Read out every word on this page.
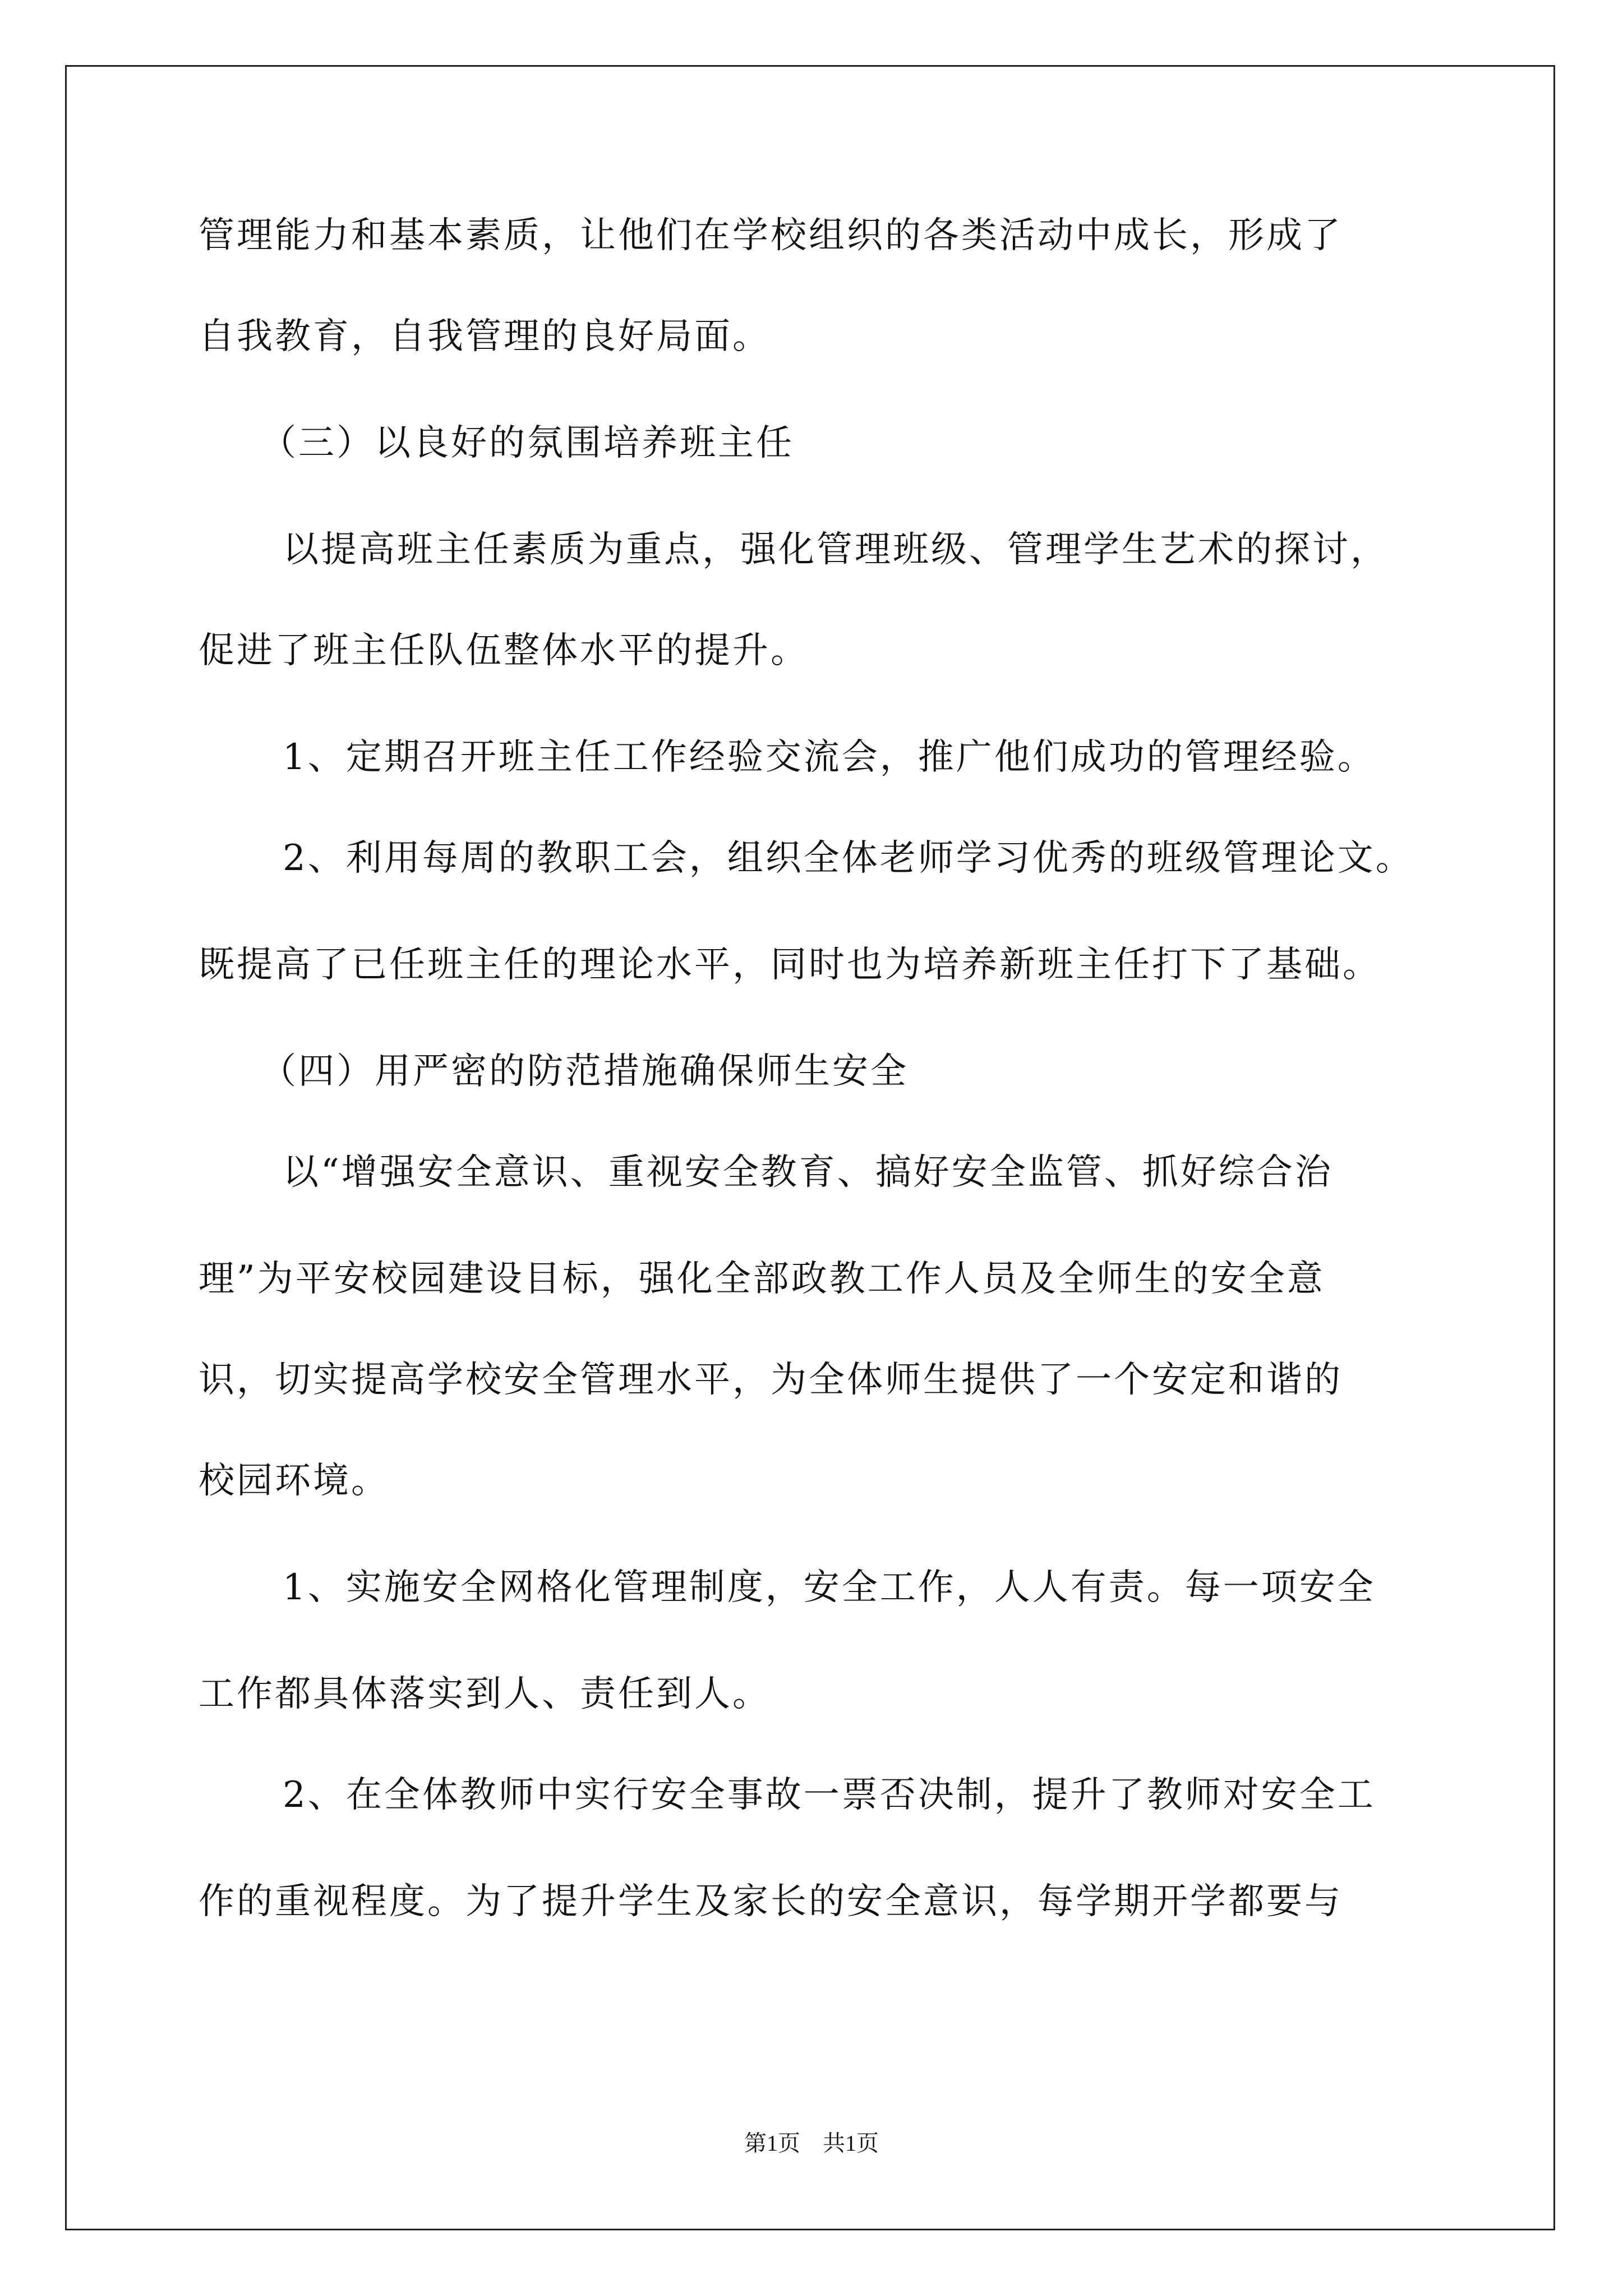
管理能力和基本素质，让他们在学校组织的各类活动中成长，形成了
自我教育，自我管理的良好局面。
（三）以良好的氛围培养班主任
以提高班主任素质为重点，强化管理班级、管理学生艺术的探讨，
促进了班主任队伍整体水平的提升。
1、定期召开班主任工作经验交流会，推广他们成功的管理经验。
2、利用每周的教职工会，组织全体老师学习优秀的班级管理论文。
既提高了已任班主任的理论水平，同时也为培养新班主任打下了基础。
（四）用严密的防范措施确保师生安全
以“增强安全意识、重视安全教育、搞好安全监管、抓好综合治
理”为平安校园建设目标，强化全部政教工作人员及全师生的安全意
识，切实提高学校安全管理水平，为全体师生提供了一个安定和谐的
校园环境。
1、实施安全网格化管理制度，安全工作，人人有责。每一项安全
工作都具体落实到人、责任到人。
2、在全体教师中实行安全事故一票否决制，提升了教师对安全工
作的重视程度。为了提升学生及家长的安全意识，每学期开学都要与
第1页　共1页
